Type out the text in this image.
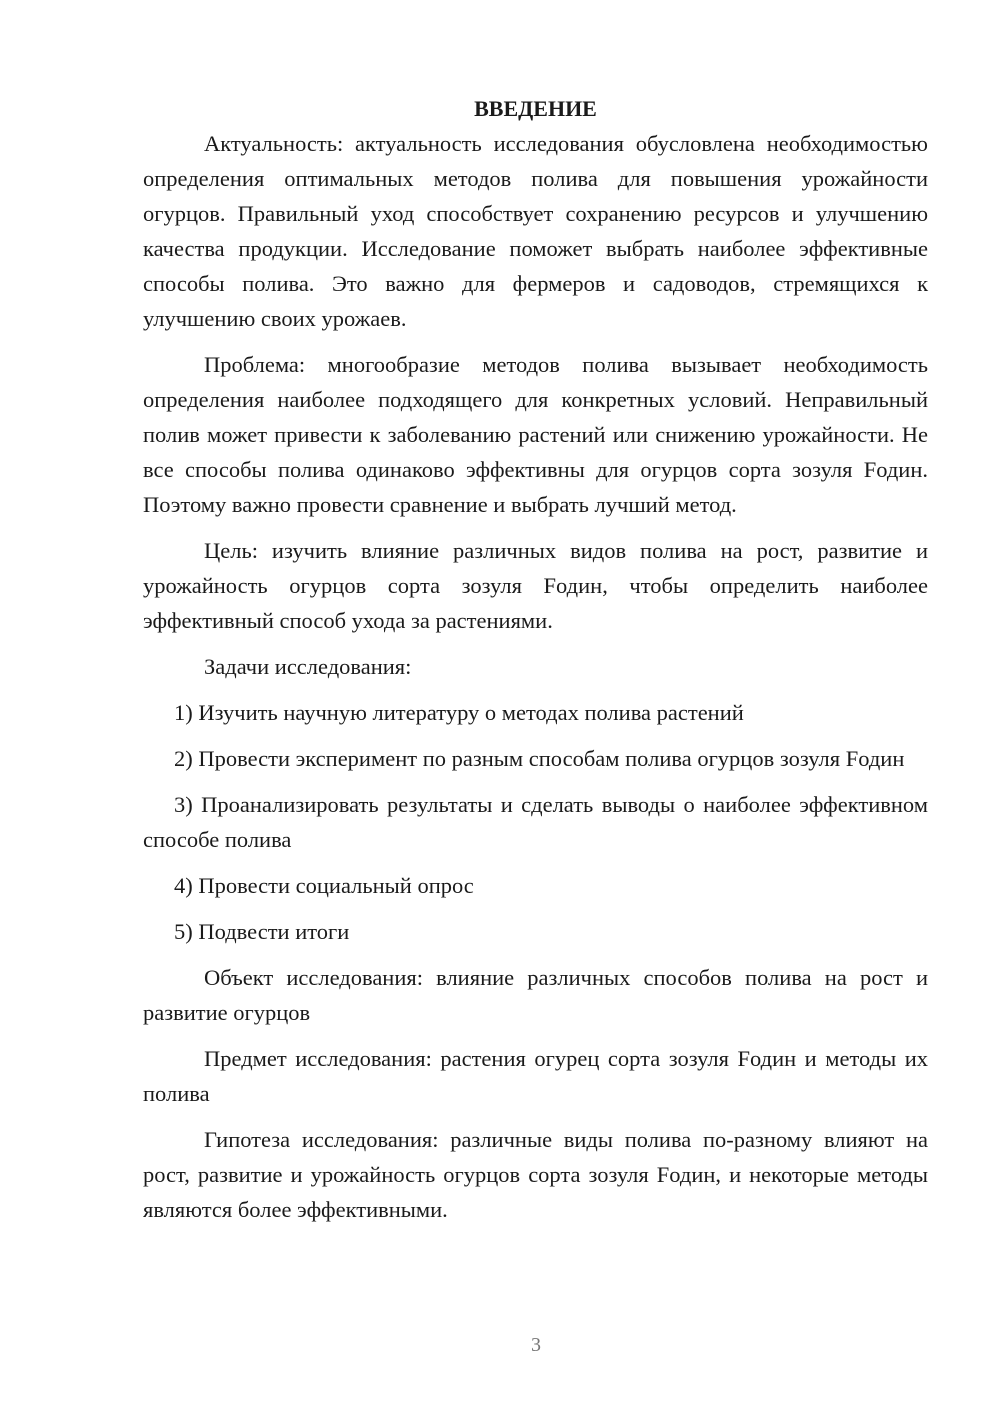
ВВЕДЕНИЕ

Актуальность: актуальность исследования обусловлена необходимостью определения оптимальных методов полива для повышения урожайности огурцов. Правильный уход способствует сохранению ресурсов и улучшению качества продукции. Исследование поможет выбрать наиболее эффективные способы полива. Это важно для фермеров и садоводов, стремящихся к улучшению своих урожаев.

Проблема: многообразие методов полива вызывает необходимость определения наиболее подходящего для конкретных условий. Неправильный полив может привести к заболеванию растений или снижению урожайности. Не все способы полива одинаково эффективны для огурцов сорта зозуля Fодин. Поэтому важно провести сравнение и выбрать лучший метод.

Цель: изучить влияние различных видов полива на рост, развитие и урожайность огурцов сорта зозуля Fодин, чтобы определить наиболее эффективный способ ухода за растениями.

Задачи исследования:

1) Изучить научную литературу о методах полива растений

2) Провести эксперимент по разным способам полива огурцов зозуля Fодин

3) Проанализировать результаты и сделать выводы о наиболее эффективном способе полива

4) Провести социальный опрос

5) Подвести итоги

Объект исследования: влияние различных способов полива на рост и развитие огурцов

Предмет исследования: растения огурец сорта зозуля Fодин и методы их полива

Гипотеза исследования: различные виды полива по-разному влияют на рост, развитие и урожайность огурцов сорта зозуля Fодин, и некоторые методы являются более эффективными.

3
